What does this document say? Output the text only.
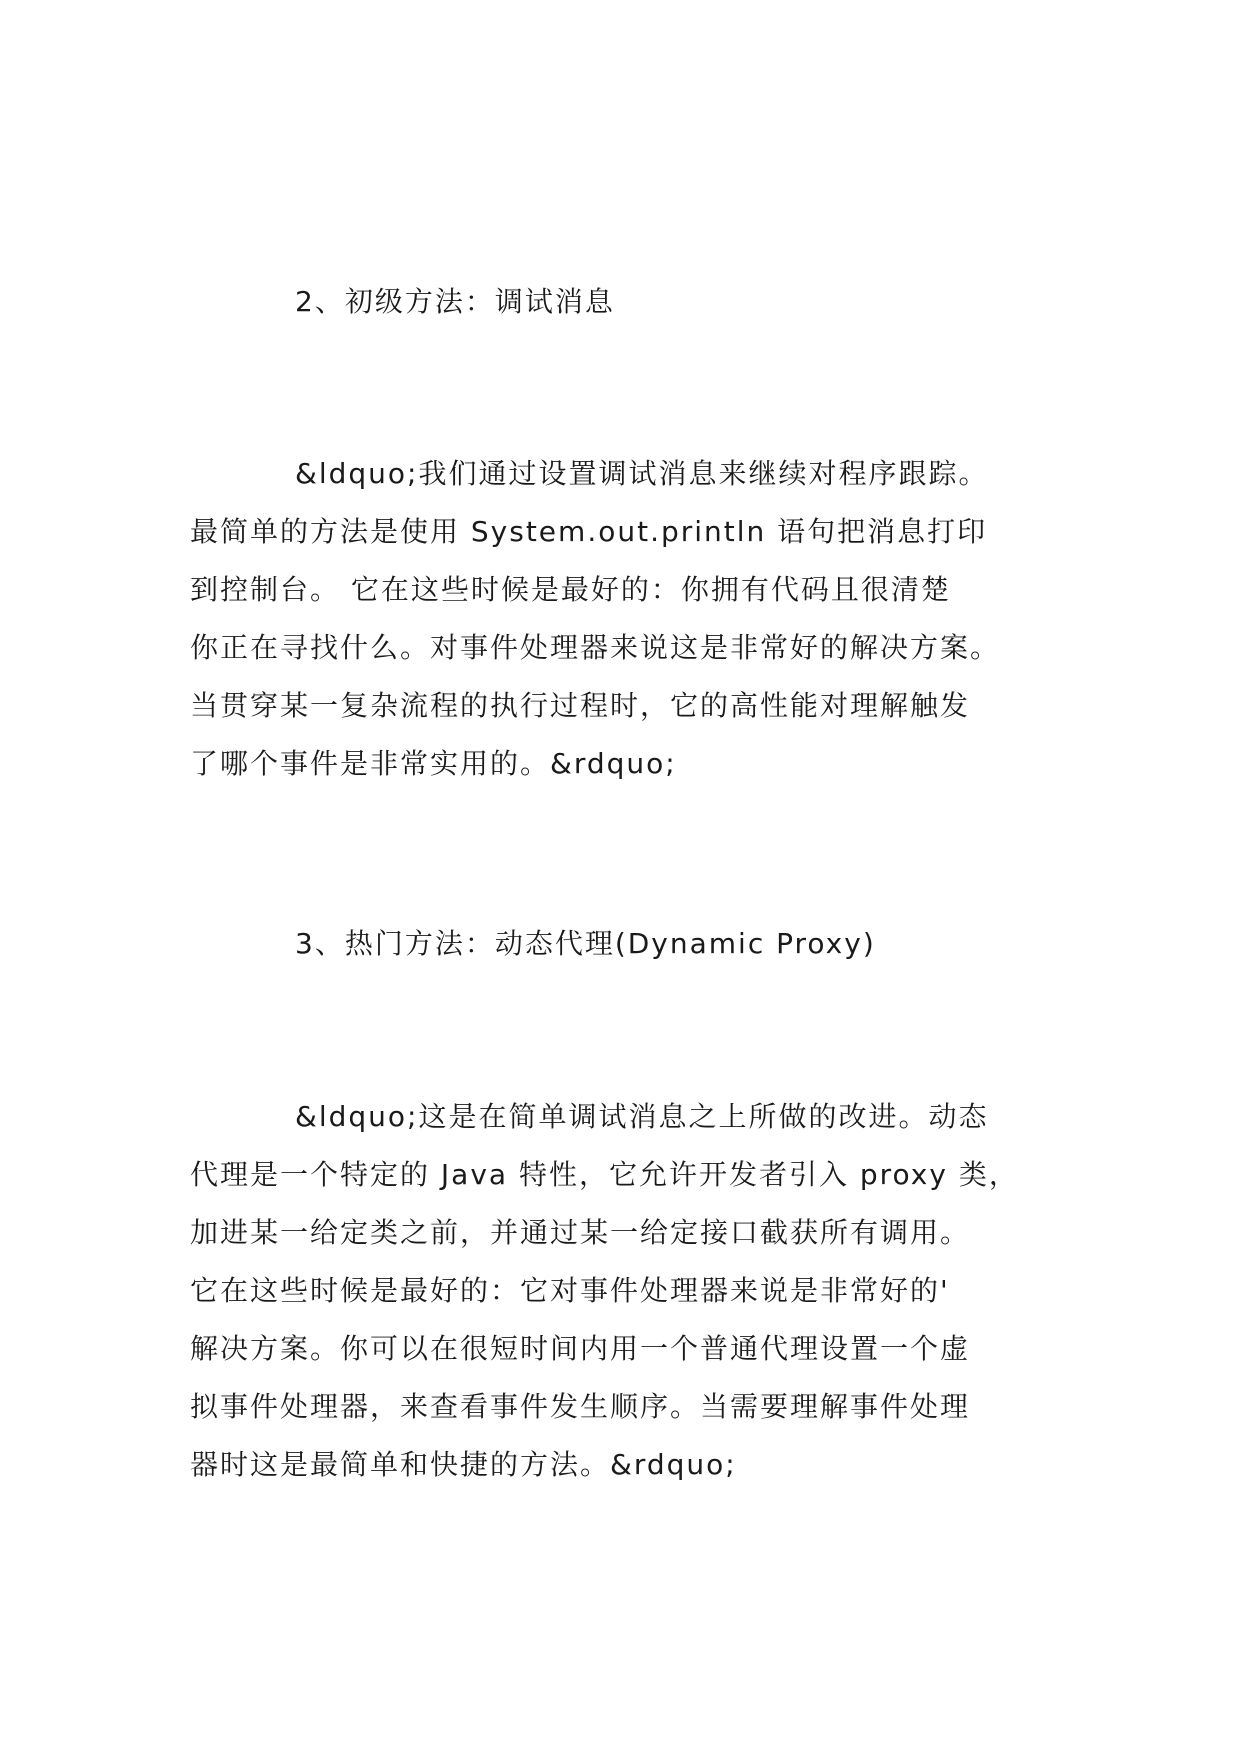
2、初级方法：调试消息
&ldquo;我们通过设置调试消息来继续对程序跟踪。
最简单的方法是使用 System.out.println 语句把消息打印
到控制台。 它在这些时候是最好的：你拥有代码且很清楚
你正在寻找什么。对事件处理器来说这是非常好的解决方案。
当贯穿某一复杂流程的执行过程时，它的高性能对理解触发
了哪个事件是非常实用的。&rdquo;
3、热门方法：动态代理(Dynamic Proxy)
&ldquo;这是在简单调试消息之上所做的改进。动态
代理是一个特定的 Java 特性，它允许开发者引入 proxy 类，
加进某一给定类之前，并通过某一给定接口截获所有调用。
它在这些时候是最好的：它对事件处理器来说是非常好的'
解决方案。你可以在很短时间内用一个普通代理设置一个虚
拟事件处理器，来查看事件发生顺序。当需要理解事件处理
器时这是最简单和快捷的方法。&rdquo;
